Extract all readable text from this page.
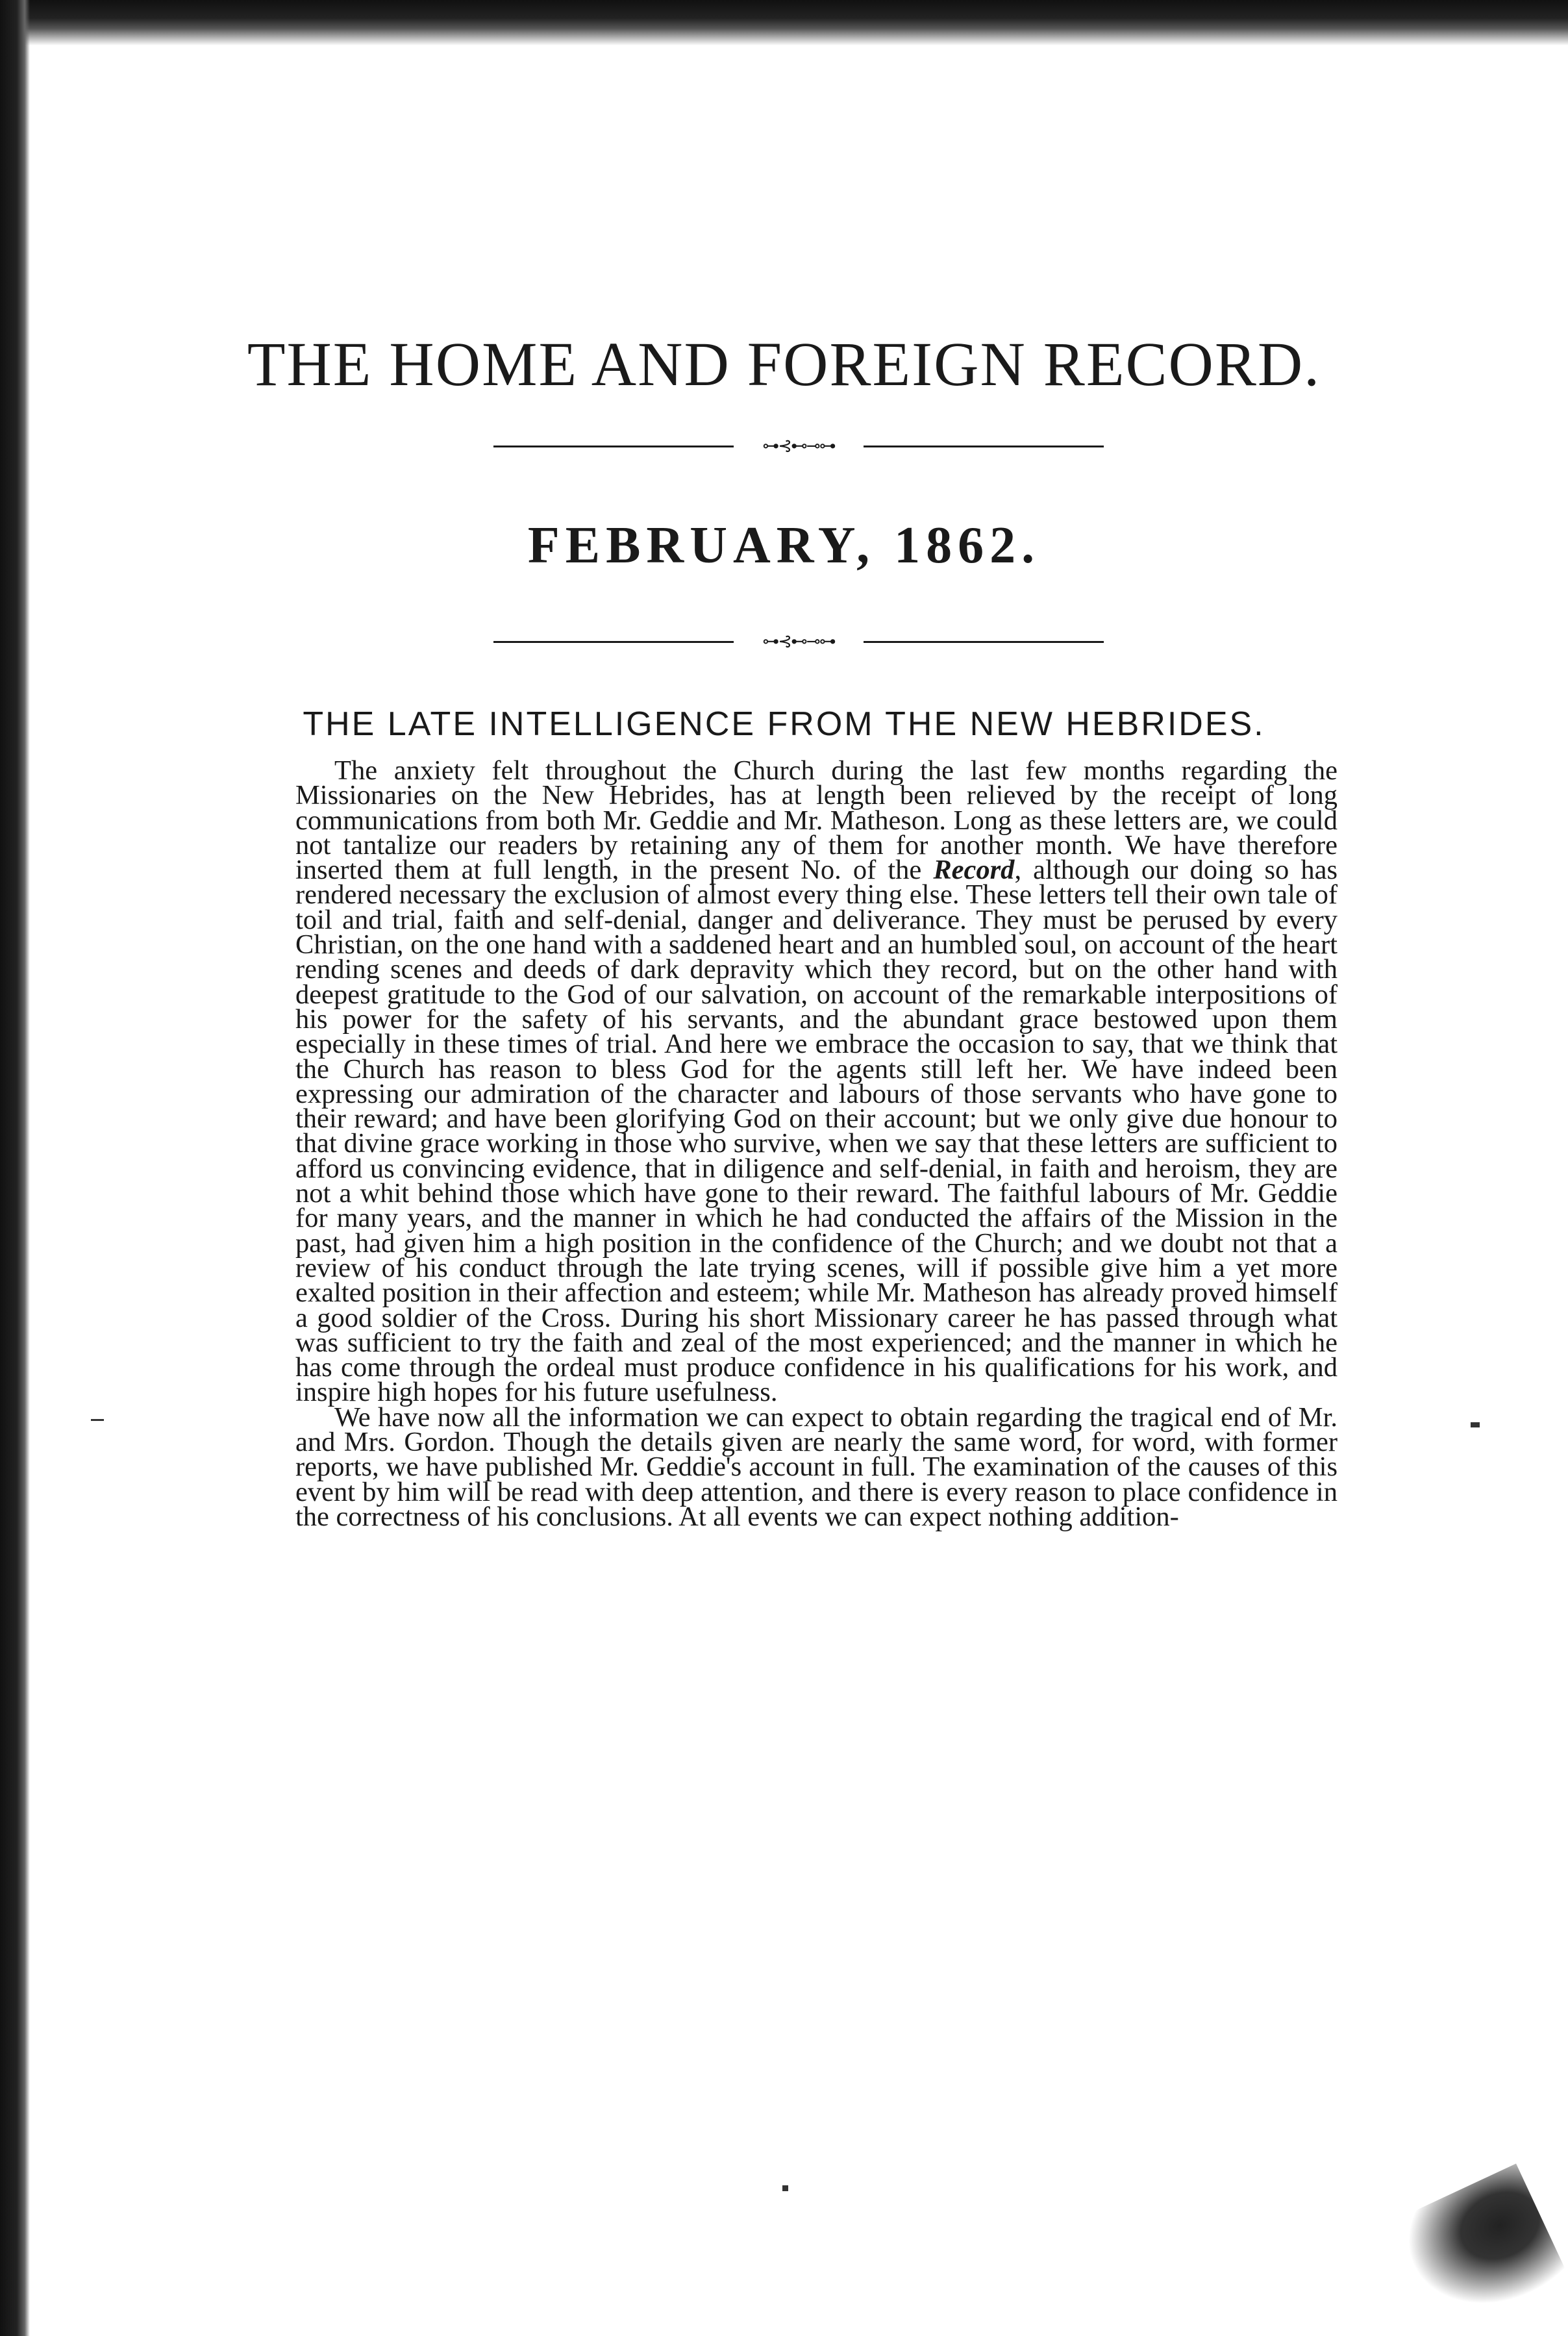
THE HOME AND FOREIGN RECORD.
⊶⊰⊷⊸⊶
FEBRUARY, 1862.
⊶⊰⊷⊸⊶
THE LATE INTELLIGENCE FROM THE NEW HEBRIDES.

The anxiety felt throughout the Church during the last few months regarding the Missionaries on the New Hebrides, has at length been relieved by the receipt of long communications from both Mr. Geddie and Mr. Matheson. Long as these letters are, we could not tantalize our readers by retaining any of them for another month. We have therefore inserted them at full length, in the present No. of the Record, although our doing so has rendered necessary the exclusion of almost every thing else. These letters tell their own tale of toil and trial, faith and self-denial, danger and deliverance. They must be perused by every Christian, on the one hand with a saddened heart and an humbled soul, on account of the heart rending scenes and deeds of dark depravity which they record, but on the other hand with deepest gratitude to the God of our salvation, on account of the remarkable interpositions of his power for the safety of his servants, and the abundant grace bestowed upon them especially in these times of trial. And here we embrace the occasion to say, that we think that the Church has reason to bless God for the agents still left her. We have indeed been expressing our admiration of the character and labours of those servants who have gone to their reward; and have been glorifying God on their account; but we only give due honour to that divine grace working in those who survive, when we say that these letters are sufficient to afford us convincing evidence, that in diligence and self-denial, in faith and heroism, they are not a whit behind those which have gone to their reward. The faithful labours of Mr. Geddie for many years, and the manner in which he had conducted the affairs of the Mission in the past, had given him a high position in the confidence of the Church; and we doubt not that a review of his conduct through the late trying scenes, will if possible give him a yet more exalted position in their affection and esteem; while Mr. Matheson has already proved himself a good soldier of the Cross. During his short Missionary career he has passed through what was sufficient to try the faith and zeal of the most experienced; and the manner in which he has come through the ordeal must produce confidence in his qualifications for his work, and inspire high hopes for his future usefulness.

We have now all the information we can expect to obtain regarding the tragical end of Mr. and Mrs. Gordon. Though the details given are nearly the same word, for word, with former reports, we have published Mr. Geddie's account in full. The examination of the causes of this event by him will be read with deep attention, and there is every reason to place confidence in the correctness of his conclusions. At all events we can expect nothing addition-
